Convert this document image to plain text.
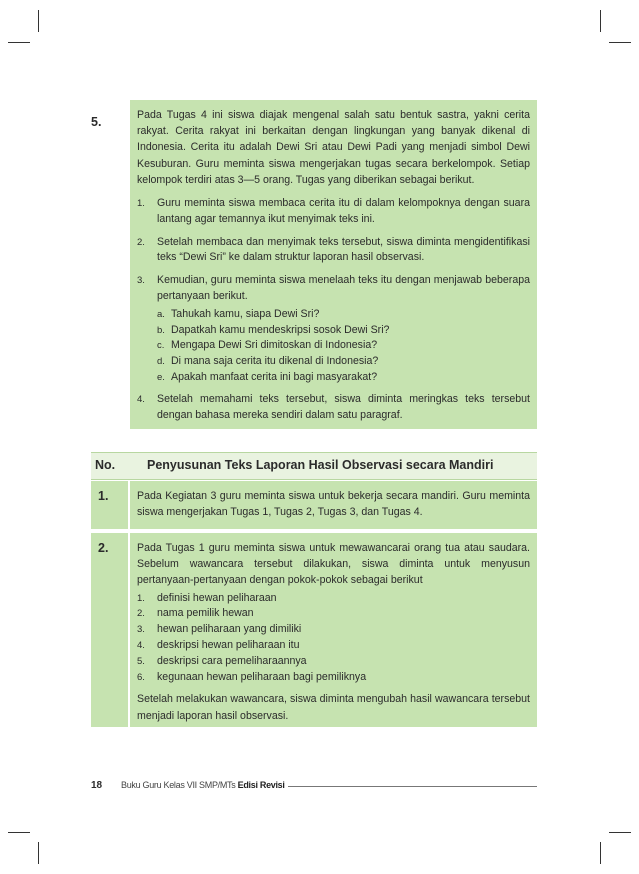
5.	Pada Tugas 4 ini siswa diajak mengenal salah satu bentuk sastra, yakni cerita rakyat. Cerita rakyat ini berkaitan dengan lingkungan yang banyak dikenal di Indonesia. Cerita itu adalah Dewi Sri atau Dewi Padi yang menjadi simbol Dewi Kesuburan. Guru meminta siswa mengerjakan tugas secara berkelompok. Setiap kelompok terdiri atas 3—5 orang. Tugas yang diberikan sebagai berikut.
1.	Guru meminta siswa membaca cerita itu di dalam kelompoknya dengan suara lantang agar temannya ikut menyimak teks ini.
2.	Setelah membaca dan menyimak teks tersebut, siswa diminta mengidentifikasi teks “Dewi Sri” ke dalam struktur laporan hasil observasi.
3.	Kemudian, guru meminta siswa menelaah teks itu dengan menjawab beberapa pertanyaan berikut.
a. Tahukah kamu, siapa Dewi Sri?
b. Dapatkah kamu mendeskripsi sosok Dewi Sri?
c. Mengapa Dewi Sri dimitoskan di Indonesia?
d. Di mana saja cerita itu dikenal di Indonesia?
e. Apakah manfaat cerita ini bagi masyarakat?
4.	Setelah memahami teks tersebut, siswa diminta meringkas teks tersebut dengan bahasa mereka sendiri dalam satu paragraf.
No.	Penyusunan Teks Laporan Hasil Observasi secara Mandiri
1.	Pada Kegiatan 3 guru meminta siswa untuk bekerja secara mandiri. Guru meminta siswa mengerjakan Tugas 1, Tugas 2, Tugas 3, dan Tugas 4.
2.	Pada Tugas 1 guru meminta siswa untuk mewawancarai orang tua atau saudara. Sebelum wawancara tersebut dilakukan, siswa diminta untuk menyusun pertanyaan-pertanyaan dengan pokok-pokok sebagai berikut
1.	definisi hewan peliharaan
2.	nama pemilik hewan
3.	hewan peliharaan yang dimiliki
4.	deskripsi hewan peliharaan itu
5.	deskripsi cara pemeliharaannya
6.	kegunaan hewan peliharaan bagi pemiliknya
Setelah melakukan wawancara, siswa diminta mengubah hasil wawancara tersebut menjadi laporan hasil observasi.
18 Buku Guru Kelas VII SMP/MTs Edisi Revisi
